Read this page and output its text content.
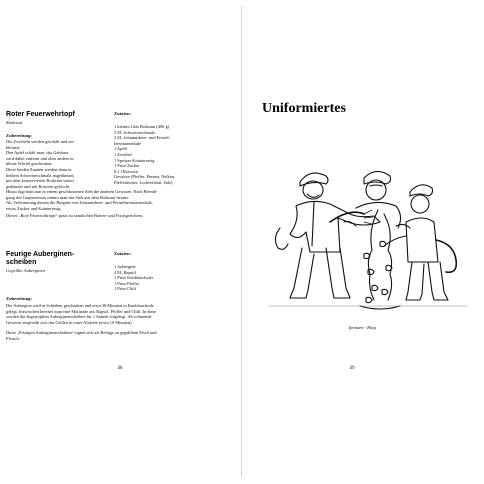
Roter Feuerwehrtopf
Rotkraut
Zutaten:
1 kleines Glas Rotkraut (400 g)
2 EL Schweineschmalz
3 EL Johannisbeer- und Preisel-
beermarmelade
1 Apfel
1 Zwiebel
1 Spritzer Kräuteressig
1 Prise Zucker
0,1 l Rotwein
Gewürze (Pfeffer, Piment, Nelken,
Pfefferkörner, Lorbeerblatt, Salz)
Zubereitung:
Die Zwiebeln werden geschält und zer-
kleinert.
Den Apfel schält man, das Gehäuse
wird dabei entfernt und alles andere in
kleine Würfel geschnitten.
Diese beiden Zutaten werden dann in
heißem Schweineschmalz angedünstet,
mit dem konservierten Rotkraut weiter
gedünstet und mit Rotwein gelöscht.
Hinzu fügt man nun in einem geschlossenen Sieb die anderen Gewürze. Nach Beendi-
gung des Garprozesses nimmt man das Sieb aus dem Rotkraut heraus.
Als Verfeinerung dienen die Beigabe von Johannisbeer- und Preiselbeermarmelade,
etwas Zucker und Kräuteressig.
Dieser „Rote Feuerwehrtopf“ passt zu sämtlichen Braten- und Fischgerichten.
Feurige Auberginen-
scheiben
Gegrillte Auberginen
Zutaten:
1 Aubergine
4 EL Rapsöl
1 Prise Knoblauchsalz
1 Prise Pfeffer
1 Prise Chili
Zubereitung:
Die Aubergine wird in Scheiben geschnitten und etwa 30 Minuten in Knoblauchsalz
gelegt. Inzwischen bereitet man eine Marinade aus Rapsöl, Pfeffer und Chili. In diese
werden die abgetropften Auberginenscheiben für 1 Stunde eingelegt. Ab schmende
Gewerse empfiehlt sich das Grillen in einer Alufolie (etwa 10 Minuten).
Diese „Feurigen Auberginenscheiben“ eignet sich als Beilage zu gegrilltem Fisch und
Fleisch.
48
Uniformiertes
Spritzen - Ring
49
